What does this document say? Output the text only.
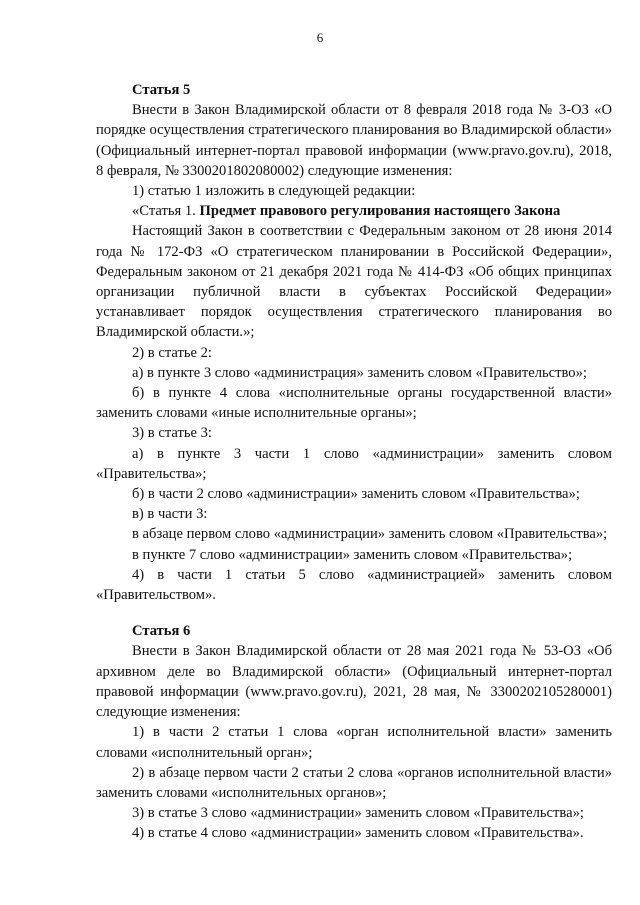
6

Статья 5

Внести в Закон Владимирской области от 8 февраля 2018 года № 3-ОЗ «О порядке осуществления стратегического планирования во Владимирской области» (Официальный интернет-портал правовой информации (www.pravo.gov.ru), 2018, 8 февраля, № 3300201802080002) следующие изменения:

1) статью 1 изложить в следующей редакции:

«Статья 1. Предмет правового регулирования настоящего Закона

Настоящий Закон в соответствии с Федеральным законом от 28 июня 2014 года № 172-ФЗ «О стратегическом планировании в Российской Федерации», Федеральным законом от 21 декабря 2021 года № 414-ФЗ «Об общих принципах организации публичной власти в субъектах Российской Федерации» устанавливает порядок осуществления стратегического планирования во Владимирской области.»;

2) в статье 2:

а) в пункте 3 слово «администрация» заменить словом «Правительство»;

б) в пункте 4 слова «исполнительные органы государственной власти» заменить словами «иные исполнительные органы»;

3) в статье 3:

а) в пункте 3 части 1 слово «администрации» заменить словом «Правительства»;

б) в части 2 слово «администрации» заменить словом «Правительства»;

в) в части 3:

в абзаце первом слово «администрации» заменить словом «Правительства»;

в пункте 7 слово «администрации» заменить словом «Правительства»;

4) в части 1 статьи 5 слово «администрацией» заменить словом «Правительством».

Статья 6

Внести в Закон Владимирской области от 28 мая 2021 года № 53-ОЗ «Об архивном деле во Владимирской области» (Официальный интернет-портал правовой информации (www.pravo.gov.ru), 2021, 28 мая, № 3300202105280001) следующие изменения:

1) в части 2 статьи 1 слова «орган исполнительной власти» заменить словами «исполнительный орган»;

2) в абзаце первом части 2 статьи 2 слова «органов исполнительной власти» заменить словами «исполнительных органов»;

3) в статье 3 слово «администрации» заменить словом «Правительства»;

4) в статье 4 слово «администрации» заменить словом «Правительства».
